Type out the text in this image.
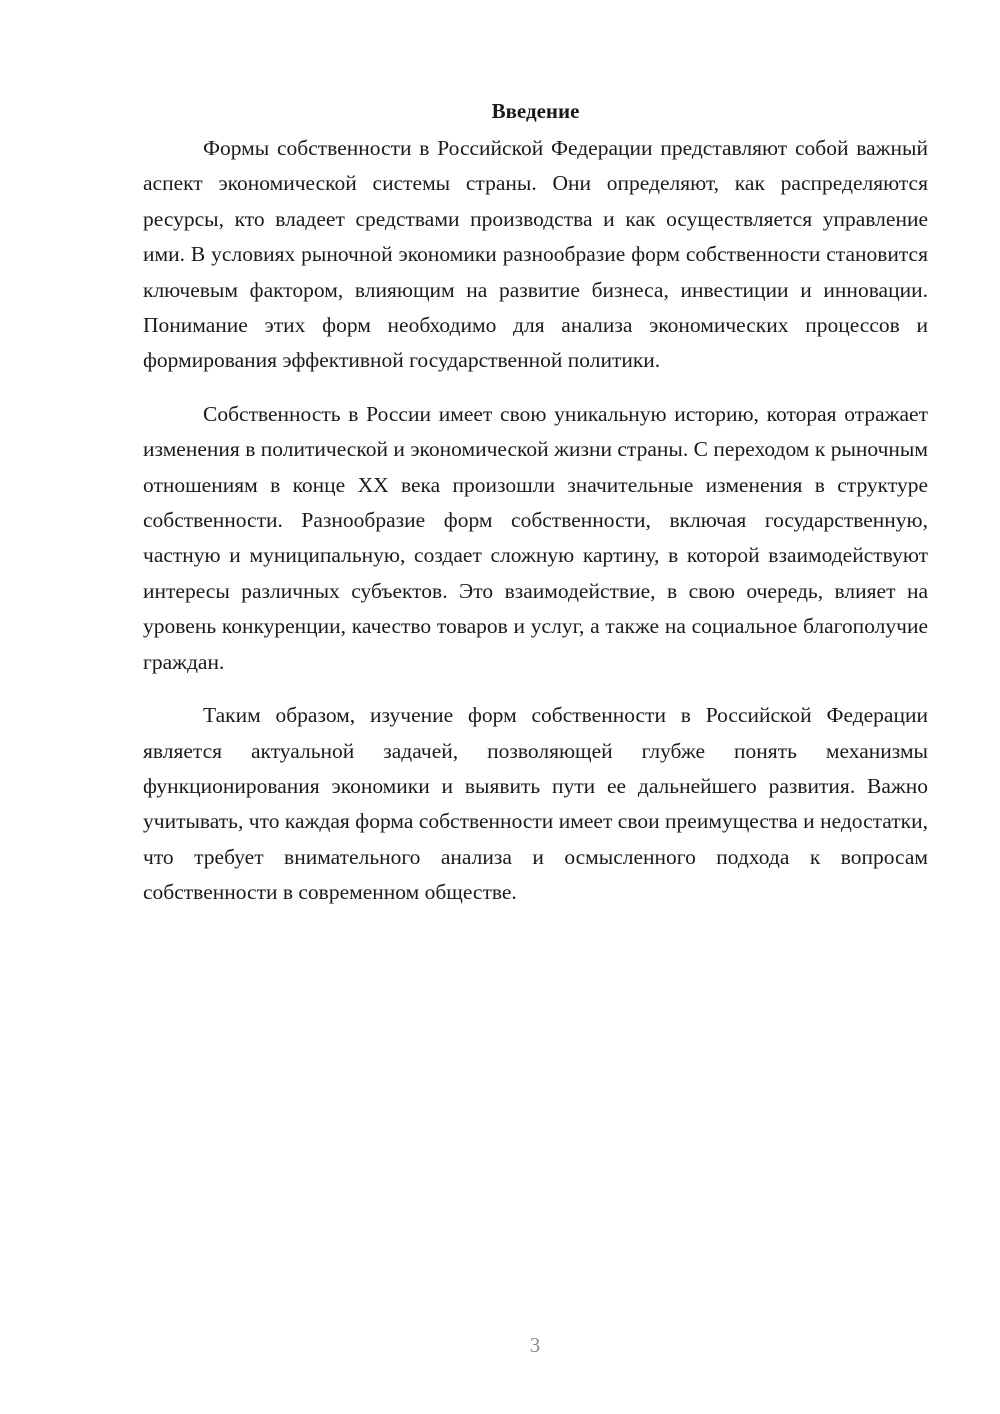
Введение

Формы собственности в Российской Федерации представляют собой важный аспект экономической системы страны. Они определяют, как распределяются ресурсы, кто владеет средствами производства и как осуществляется управление ими. В условиях рыночной экономики разнообразие форм собственности становится ключевым фактором, влияющим на развитие бизнеса, инвестиции и инновации. Понимание этих форм необходимо для анализа экономических процессов и формирования эффективной государственной политики.

Собственность в России имеет свою уникальную историю, которая отражает изменения в политической и экономической жизни страны. С переходом к рыночным отношениям в конце XX века произошли значительные изменения в структуре собственности. Разнообразие форм собственности, включая государственную, частную и муниципальную, создает сложную картину, в которой взаимодействуют интересы различных субъектов. Это взаимодействие, в свою очередь, влияет на уровень конкуренции, качество товаров и услуг, а также на социальное благополучие граждан.

Таким образом, изучение форм собственности в Российской Федерации является актуальной задачей, позволяющей глубже понять механизмы функционирования экономики и выявить пути ее дальнейшего развития. Важно учитывать, что каждая форма собственности имеет свои преимущества и недостатки, что требует внимательного анализа и осмысленного подхода к вопросам собственности в современном обществе.

3
